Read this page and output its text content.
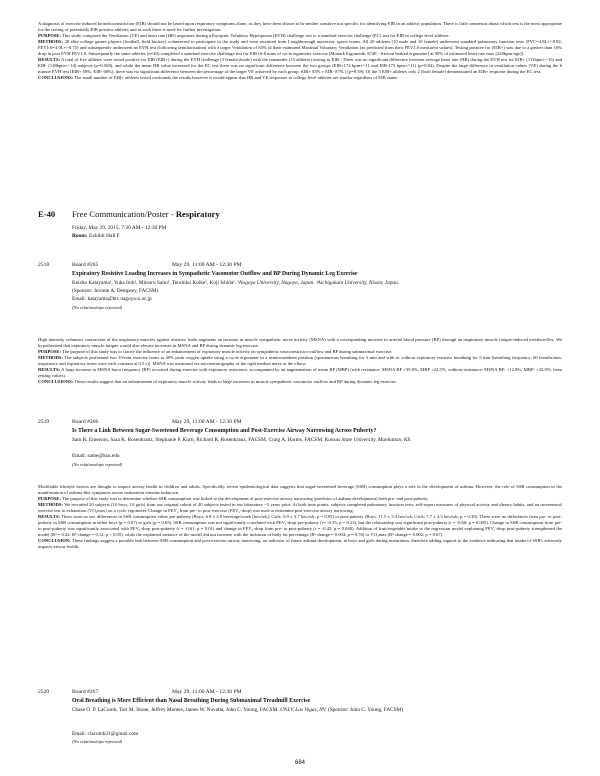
A diagnosis of exercise induced bronchoconstriction (EIB) should not be based upon respiratory symptoms alone, as they have been shown to be neither sensitive nor specific for identifying EIB in an athletic population. There is little consensus about which test is the most appropriate for the testing of potentially EIB positive athletes and as such there is need for further investigation.

PURPOSE: This study compared the Ventilation (VE) and heart rate (HR) responses during a Eucapnic Voluntary Hyperpnoea (EVH) challenge test to a standard exercise challenge (EC) test for EIB in college level athletes.

METHODS: 20 elite college games players (football, field hockey) volunteered to participate in the study and were recruited from Loughborough university sports teams. All 20 athletes (10 male and 10 female) underwent standard pulmonary function tests (FVC=4.8L+/-0.92; FEV1.0=4.0L+/-0.75) and subsequently underwent an EVH test (following familiarisation) with a target Ventilation of 85% of their estimated Maximal Voluntary Ventilation (as predicted from their FEV1.0 measured values). Testing positive for (EIB+) was due to a greater than 10% drop in post EVH FEV1.0. Subsequently the same athletes (n=20) completed a standard exercise challenge test for EIB (6-8 mins of cycle ergometer exercise [Monark Ergomedic 874E - friction braked ergometer] at 90% of estimated heart rate max [220bpm-age]).

RESULTS: A total of five athletes were tested positive for EIB (EIB+) during the EVH challenge (3 female/2male) with the remainder (15 athletes) testing as EIB-. There was no significant difference between average heart rate (HR) during the EVH test for EIB+ (111bpm+/-15) and EIB- (118bpm+/-14) subjects (p=0.569), and while the mean HR value increased for the EC test there was no significant difference between the two groups (EIB+172 bpm+/-11 and EIB-173 bpm+/-11) (p=0.84). Despite the large difference in ventilation values (VE) during the 6 minute EVH test (EIB+ 58%, EIB- 68%), there was no significant difference between the percentage of the target VE achieved by each group: EIB+ 83% v EIB- 87% ) (p=0.39). Of the 5 EIB+ athletes only 2 (both female) demonstrated an EIB+ response during the EC test.

CONCLUSIONS: The small number of EIB+ athletes tested confounds the results however it would appear that HR and VE responses in college level athletes are similar regardless of EIB status.

E-40 Free Communication/Poster - Respiratory
Friday, May 29, 2015, 7:30 AM - 12:30 PM
Room: Exhibit Hall F
2518	Board #265	May 29, 11:00 AM - 12:30 PM
Expiratory Resistive Loading Increases in Sympathetic Vasomotor Outflow and BP During Dynamic Leg Exercise
Keisho Katayama¹, Yuka Itoh¹, Mitsuru Saito², Teruhiko Koike¹, Koji Ishida¹. ¹Nagoya University, Nagoya, Japan. ²Aichigakuin University, Nissin, Japan.
(Sponsor: Jerome A. Dempsey, FACSM)
Email: katayama@htc.nagoya-u.ac.jp
(No relationships reported)

High intensity voluntary contraction of the inspiratory muscles against resistive loads augments an increase in muscle sympathetic nerve activity (MSNA) with a corresponding increase in arterial blood pressure (BP) through an inspiratory muscle fatigue-induced metaboreflex. We hypothesized that expiratory muscle fatigue would also elevate increases in MSNA and BP during dynamic leg exercise.

PURPOSE: The purpose of this study was to clarify the influence of an enhancement of expiratory muscle activity on sympathetic vasoconstrictor outflow and BP during submaximal exercise.

METHODS: The subjects performed two 10-min exercise bouts at 40% peak oxygen uptake using a cycle ergometer in a semirecumbent position (spontaneous breathing for 5 min and with or without expiratory resistive breathing for 5 min (breathing frequency: 60 breaths/min, inspiratory and expiratory times were each constant at 0.5 s)]. MSNA was measured via microneurography of the right median nerve at the elbow.

RESULTS: A large increase in MSNA burst frequency (BF) occurred during exercise with expiratory resistance, accompanied by an augmentation of mean BP (MBP) (with resistance: MSNA BF +39.0%, MBP +22.5%, without resistance: MSNA BF: +12.8%, MBP: +22.9%, from resting values).

CONCLUSIONS: These results suggest that an enhancement of expiratory muscle activity leads to large increases in muscle sympathetic vasomotor outflow and BP during dynamic leg exercise.

2519	Board #266	May 29, 11:00 AM - 12:30 PM
Is There a Link Between Sugar-Sweetened Beverage Consumption and Post-Exercise Airway Narrowing Across Puberty?
Sam R. Emerson, Sara K. Rosenkranz, Stephanie P. Kurti, Richard R. Rosenkranz, FACSM, Craig A. Harms, FACSM. Kansas State University, Manhattan, KS.
Email: same@ksu.edu
(No relationships reported)

Modifiable lifestyle factors are thought to impact airway health in children and adults. Specifically, recent epidemiological data suggests that sugar-sweetened beverage (SSB) consumption plays a role in the development of asthma. However, the role of SSB consumption in the manifestation of asthma-like symptoms across maturation remains unknown.

PURPOSE: The purpose of this study was to determine whether SSB consumption was linked to the development of post-exercise airway narrowing (predictor of asthma development) both pre- and post-puberty.

METHODS: We recruited 20 subjects (10 boys, 10 girls) from our original cohort of 40 subjects tested in our laboratory ~5 years prior. At both time points, subjects completed pulmonary function tests, self-report measures of physical activity and dietary habits, and an incremental exercise test to exhaustion (VO₂max) on a cycle ergometer. Change in FEV₁ from pre- to post-exercise (FEV₁-drop) was used to determine post-exercise airway narrowing.

RESULTS: There were no sex differences in SSB consumption either pre-puberty (Boys: 6.8 ± 4.8 beverage/week [bev/wk]; Girls: 6.9 ± 3.7 bev/wk; p = 0.95) or post-puberty (Boys: 11.5 ± 5.3 bev/wk; Girls: 7.7 ± 4.3 bev/wk; p = 0.10). There were no differences from pre- to post-puberty in SSB consumption in either boys (p = 0.07) or girls (p = 0.65). SSB consumption was not significantly correlated with FEV₁-drop pre-puberty (r= -0.35; p = 0.13), but the relationship was significant post-puberty (r = -0.60; p = 0.005). Change in SSB consumption from pre- to post-puberty was significantly associated with FEV₁-drop post-puberty (r = -0.61; p = 0.01) and change in FEV₁-drop from pre- to post-puberty (r = -0.45; p = 0.048). Addition of fruit/vegetable intake to the regression model explaining FEV₁-drop post-puberty strengthened the model (R² = 0.42; R² change = 0.12; p < 0.05), while the explained variance of the model did not increase with the inclusion of body fat percentage (R² change = 0.004; p = 0.76) or VO₂max (R² change = 0.002; p = 0.67).

CONCLUSION: These findings suggest a possible link between SSB consumption and post-exercise airway narrowing, an indicator of future asthma development, in boys and girls during maturation, therefore adding support to the evidence indicating that intake of SSB's adversely impacts airway health.

2520	Board #267	May 29, 11:00 AM - 12:30 PM
Oral Breathing is More Efficient than Nasal Breathing During Submaximal Treadmill Exercise
Chase O. P. LaComb, Tori M. Stone, Jeffrey Montes, James W. Navalta, John C. Young, FACSM. UNLV, Las Vegas, NV. (Sponsor: John C. Young, FACSM)
Email: clacomb31@gmail.com
(No relationships reported)
684
